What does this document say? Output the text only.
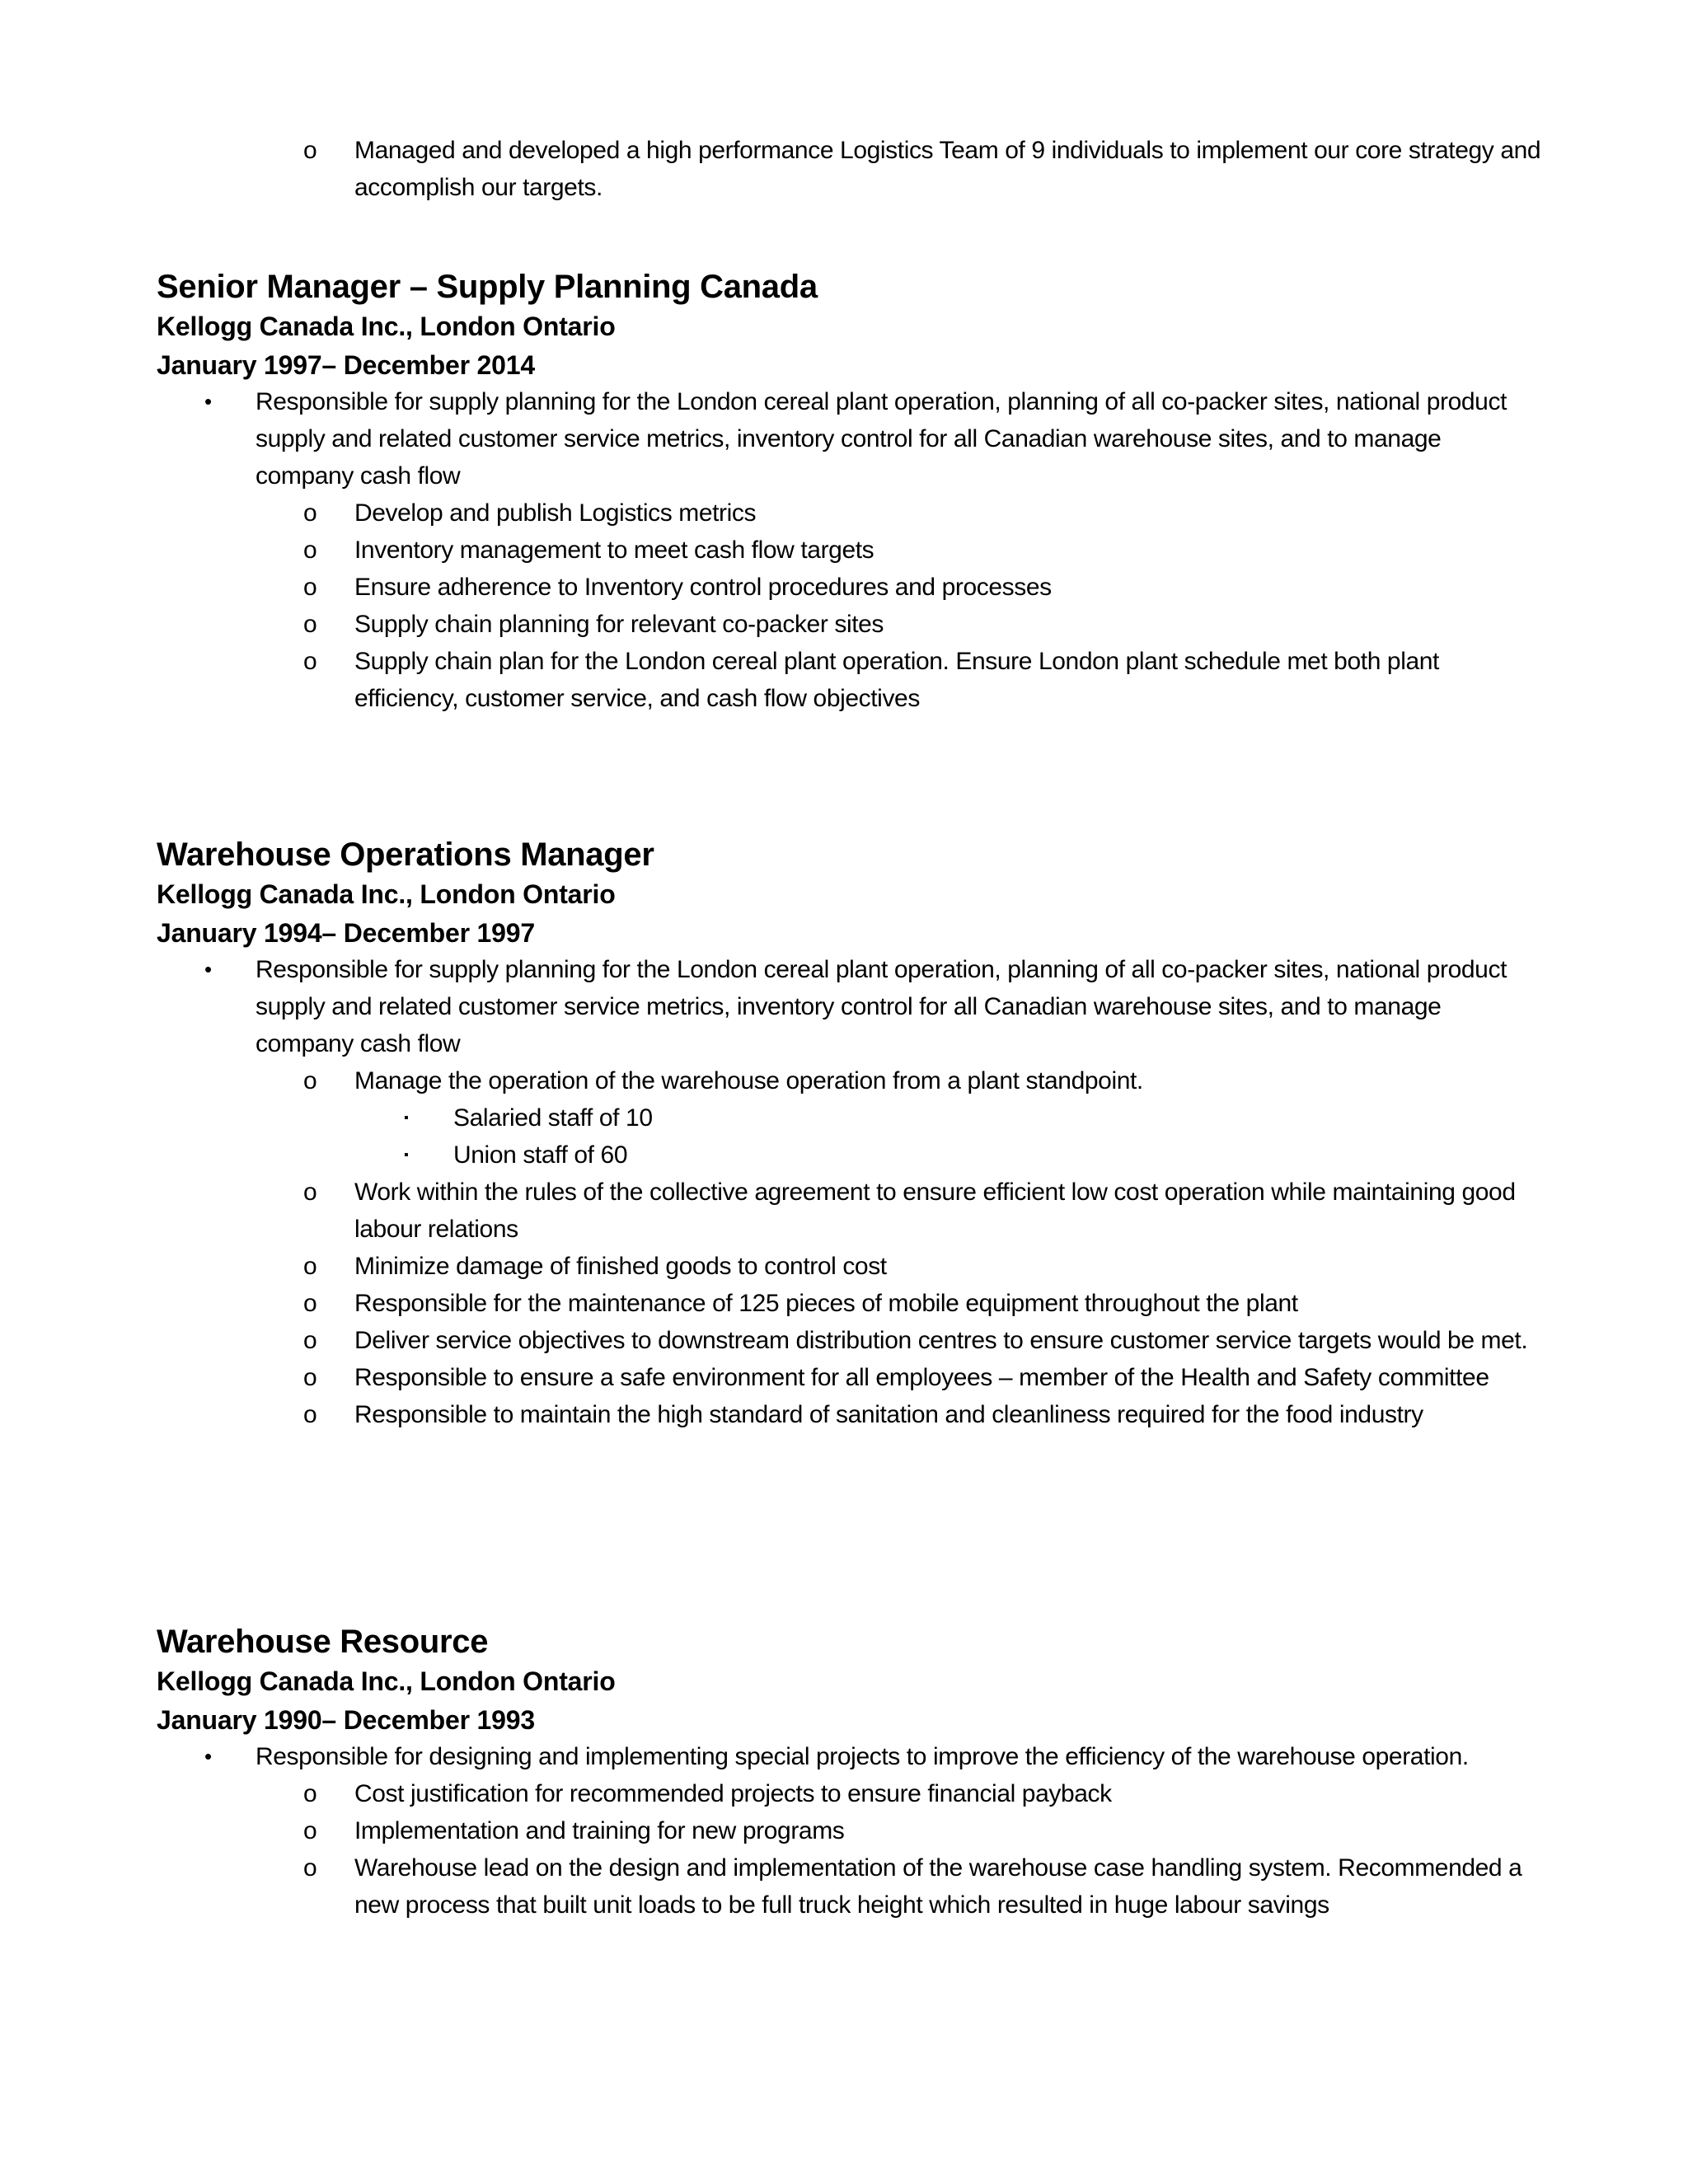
o Managed and developed a high performance Logistics Team of 9 individuals to implement our core strategy and accomplish our targets.
Senior Manager – Supply Planning Canada
Kellogg Canada Inc., London Ontario
January 1997– December 2014
• Responsible for supply planning for the London cereal plant operation, planning of all co-packer sites, national product supply and related customer service metrics, inventory control for all Canadian warehouse sites, and to manage company cash flow
o Develop and publish Logistics metrics
o Inventory management to meet cash flow targets
o Ensure adherence to Inventory control procedures and processes
o Supply chain planning for relevant co-packer sites
o Supply chain plan for the London cereal plant operation. Ensure London plant schedule met both plant efficiency, customer service, and cash flow objectives
Warehouse Operations Manager
Kellogg Canada Inc., London Ontario
January 1994– December 1997
• Responsible for supply planning for the London cereal plant operation, planning of all co-packer sites, national product supply and related customer service metrics, inventory control for all Canadian warehouse sites, and to manage company cash flow
o Manage the operation of the warehouse operation from a plant standpoint.
▪ Salaried staff of 10
▪ Union staff of 60
o Work within the rules of the collective agreement to ensure efficient low cost operation while maintaining good labour relations
o Minimize damage of finished goods to control cost
o Responsible for the maintenance of 125 pieces of mobile equipment throughout the plant
o Deliver service objectives to downstream distribution centres to ensure customer service targets would be met.
o Responsible to ensure a safe environment for all employees – member of the Health and Safety committee
o Responsible to maintain the high standard of sanitation and cleanliness required for the food industry
Warehouse Resource
Kellogg Canada Inc., London Ontario
January 1990– December 1993
• Responsible for designing and implementing special projects to improve the efficiency of the warehouse operation.
o Cost justification for recommended projects to ensure financial payback
o Implementation and training for new programs
o Warehouse lead on the design and implementation of the warehouse case handling system. Recommended a new process that built unit loads to be full truck height which resulted in huge labour savings
